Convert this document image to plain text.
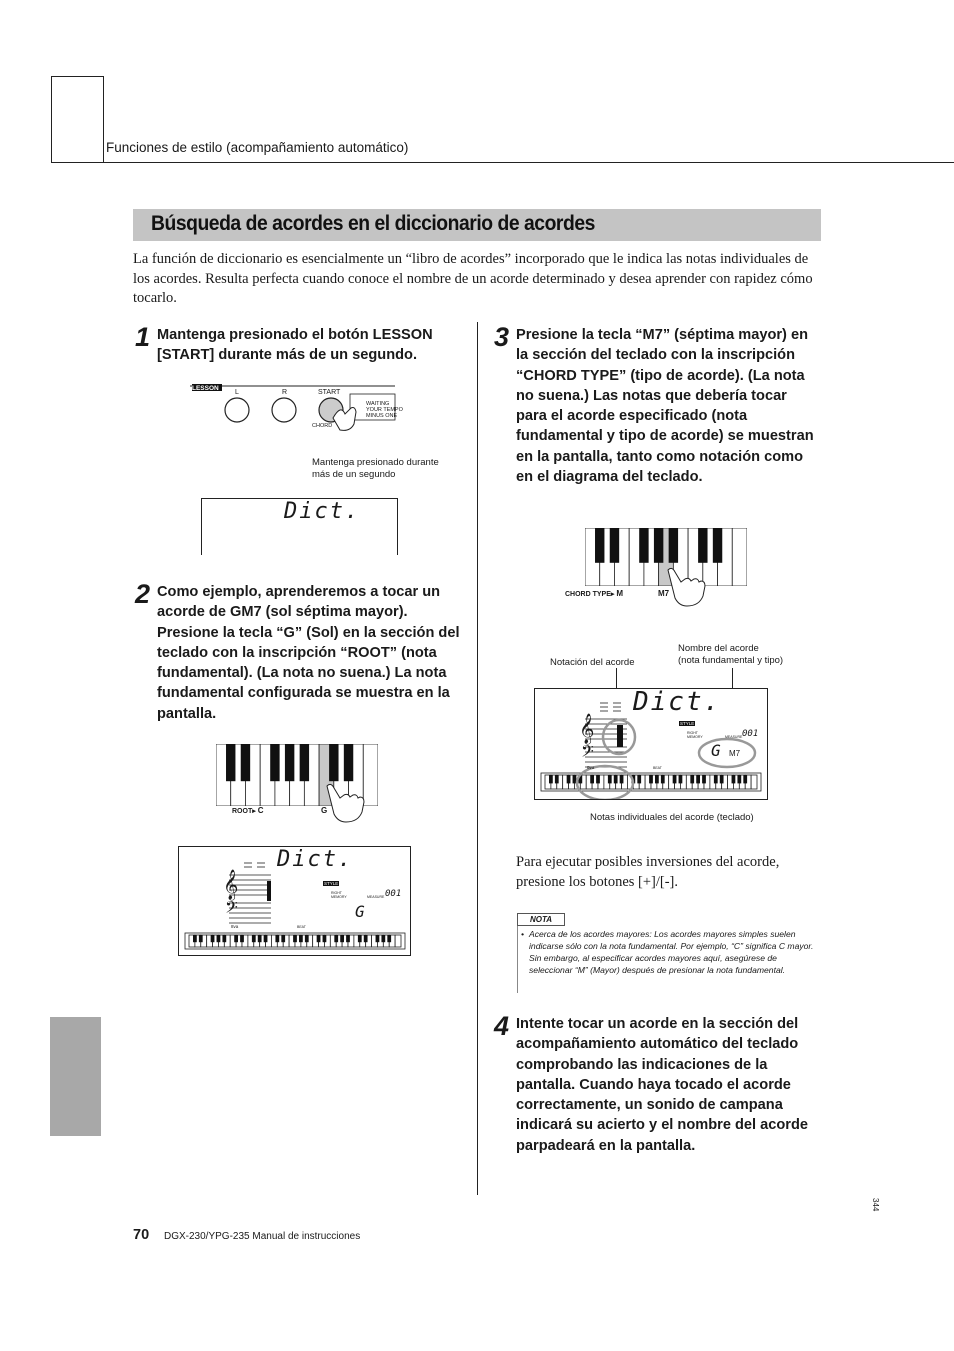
Funciones de estilo (acompañamiento automático)
Búsqueda de acordes en el diccionario de acordes
La función de diccionario es esencialmente un “libro de acordes” incorporado que le indica las notas individuales de los acordes. Resulta perfecta cuando conoce el nombre de un acorde determinado y desea aprender con rapidez cómo tocarlo.
1 Mantenga presionado el botón LESSON [START] durante más de un segundo.
LESSON
L	R	START
WAITING
YOUR TEMPO
MINUS ONE
CHORD
Mantenga presionado durante más de un segundo
Dict.
2 Como ejemplo, aprenderemos a tocar un acorde de GM7 (sol séptima mayor). Presione la tecla “G” (Sol) en la sección del teclado con la inscripción “ROOT” (nota fundamental). (La nota no suena.) La nota fundamental configurada se muestra en la pantalla.
ROOT▸ C	G
𝄞
𝄢
Dict.
STYLE
RIGHT MEMORY	MEASURE 001
G
8va	BEAT
3 Presione la tecla “M7” (séptima mayor) en la sección del teclado con la inscripción “CHORD TYPE” (tipo de acorde). (La nota no suena.) Las notas que debería tocar para el acorde especificado (nota fundamental y tipo de acorde) se muestran en la pantalla, tanto como notación como en el diagrama del teclado.
CHORD TYPE▸ M	M7
Notación del acorde
Nombre del acorde
(nota fundamental y tipo)
𝄞
𝄢
Dict.
STYLE
RIGHT MEMORY	MEASURE 001
G M7
8va	BEAT
Notas individuales del acorde (teclado)
Para ejecutar posibles inversiones del acorde, presione los botones [+]/[-].
NOTA
• Acerca de los acordes mayores: Los acordes mayores simples suelen indicarse sólo con la nota fundamental. Por ejemplo, “C” significa C mayor. Sin embargo, al especificar acordes mayores aquí, asegúrese de seleccionar “M” (Mayor) después de presionar la nota fundamental.
4 Intente tocar un acorde en la sección del acompañamiento automático del teclado comprobando las indicaciones de la pantalla. Cuando haya tocado el acorde correctamente, un sonido de campana indicará su acierto y el nombre del acorde parpadeará en la pantalla.
70 DGX-230/YPG-235 Manual de instrucciones
344
